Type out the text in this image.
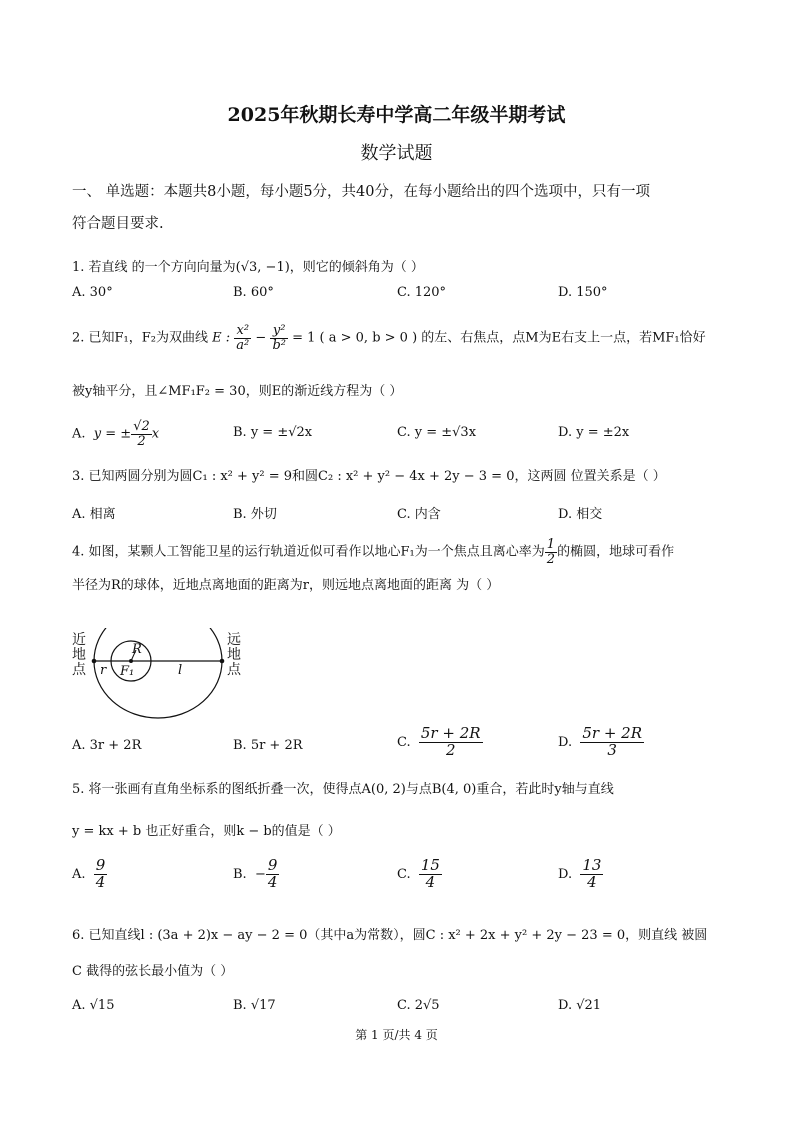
2025年秋期长寿中学高二年级半期考试
数学试题
一、 单选题：本题共8小题，每小题5分，共40分，在每小题给出的四个选项中，只有一项
符合题目要求.
1. 若直线 的一个方向向量为(√3, −1)，则它的倾斜角为（ ）
A. 30°	B. 60°	C. 120°	D. 150°
2. 已知F₁，F₂为双曲线 E : $\frac{\text{x²}}{\text{a²}} - \frac{\text{y²}}{\text{b²}} = 1$ ( a > 0, b > 0 ) 的左、右焦点，点M为E右支上一点，若MF₁恰好
被y轴平分，且∠MF₁F₂ = 30，则E的渐近线方程为（ ）
A. y = ± $\frac{√2}{2}$ x	B. y = ±√2x	C. y = ±√3x	D. y = ±2x
3. 已知两圆分别为圆C₁ : x² + y² = 9和圆C₂ : x² + y² − 4x + 2y − 3 = 0，这两圆 位置关系是（ ）
A. 相离	B. 外切	C. 内含	D. 相交
4. 如图，某颗人工智能卫星的运行轨道近似可看作以地心F₁为一个焦点且离心率为 $\frac{1}{2}$ 的椭圆，地球可看作
半径为R的球体，近地点离地面的距离为r，则远地点离地面的距离 为（ ）
近
地
点
远
地
点
R
r F₁	l
A. 3r + 2R	B. 5r + 2R	C. $\frac{5r + 2R}{2}$	D. $\frac{5r + 2R}{3}$
5. 将一张画有直角坐标系的图纸折叠一次，使得点A(0, 2)与点B(4, 0)重合，若此时y轴与直线
y = kx + b 也正好重合，则k − b的值是（ ）
A. $\frac{9}{4}$	B. − $\frac{9}{4}$	C. $\frac{15}{4}$	D. $\frac{13}{4}$
6. 已知直线l : (3a + 2)x − ay − 2 = 0（其中a为常数），圆C : x² + 2x + y² + 2y − 23 = 0，则直线 被圆
C 截得的弦长最小值为（ ）
A. √15	B. √17	C. 2√5	D. √21
第 1 页/共 4 页
